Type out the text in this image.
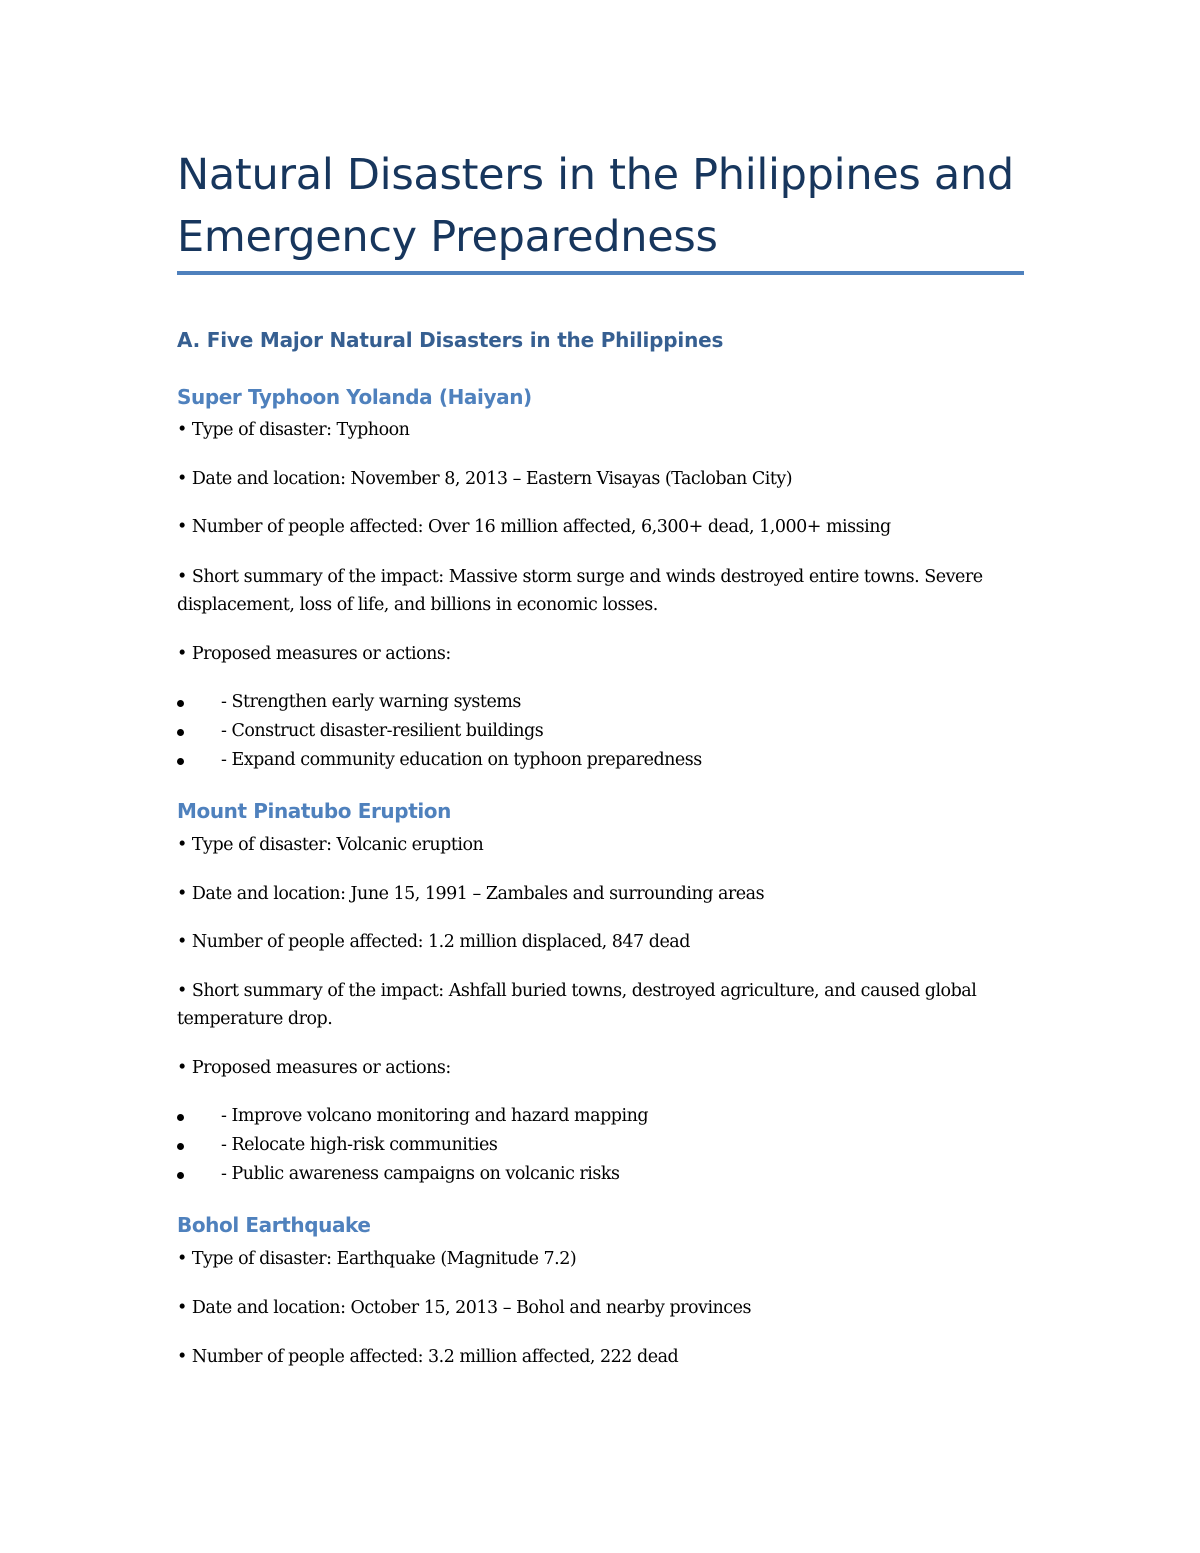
Natural Disasters in the Philippines and Emergency Preparedness
A. Five Major Natural Disasters in the Philippines
Super Typhoon Yolanda (Haiyan)

• Type of disaster: Typhoon

• Date and location: November 8, 2013 – Eastern Visayas (Tacloban City)

• Number of people affected: Over 16 million affected, 6,300+ dead, 1,000+ missing

• Short summary of the impact: Massive storm surge and winds destroyed entire towns. Severe displacement, loss of life, and billions in economic losses.

• Proposed measures or actions:

- Strengthen early warning systems
- Construct disaster-resilient buildings
- Expand community education on typhoon preparedness
Mount Pinatubo Eruption

• Type of disaster: Volcanic eruption

• Date and location: June 15, 1991 – Zambales and surrounding areas

• Number of people affected: 1.2 million displaced, 847 dead

• Short summary of the impact: Ashfall buried towns, destroyed agriculture, and caused global temperature drop.

• Proposed measures or actions:

- Improve volcano monitoring and hazard mapping
- Relocate high-risk communities
- Public awareness campaigns on volcanic risks
Bohol Earthquake

• Type of disaster: Earthquake (Magnitude 7.2)

• Date and location: October 15, 2013 – Bohol and nearby provinces

• Number of people affected: 3.2 million affected, 222 dead
